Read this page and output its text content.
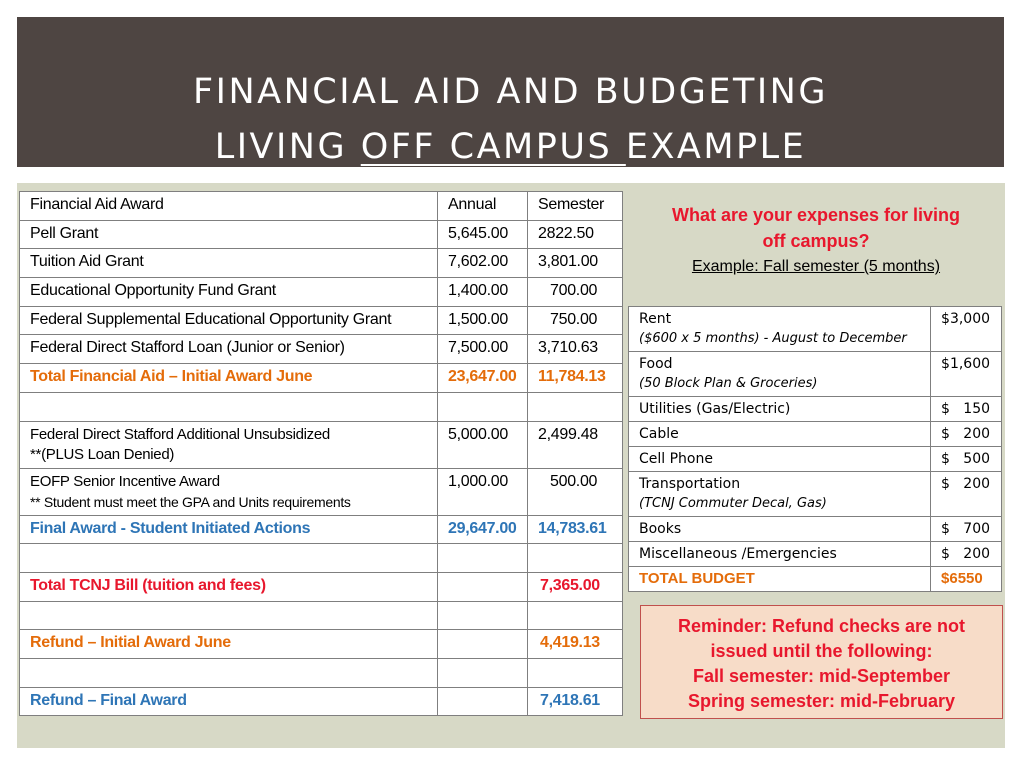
FINANCIAL AID AND BUDGETING
LIVING OFF CAMPUS EXAMPLE
Financial Aid Award	Annual	Semester
Pell Grant	5,645.00	2822.50
Tuition Aid Grant	7,602.00	3,801.00
Educational Opportunity Fund Grant	1,400.00	700.00
Federal Supplemental Educational Opportunity Grant	1,500.00	750.00
Federal Direct Stafford Loan (Junior or Senior)	7,500.00	3,710.63
Total Financial Aid – Initial Award June	23,647.00	11,784.13

Federal Direct Stafford Additional Unsubsidized
**(PLUS Loan Denied)	5,000.00	2,499.48

EOFP Senior Incentive Award
** Student must meet the GPA and Units requirements	1,000.00	500.00
Final Award - Student Initiated Actions	29,647.00	14,783.61

Total TCNJ Bill (tuition and fees)		7,365.00

Refund – Initial Award June		4,419.13

Refund – Final Award		7,418.61
What are your expenses for living
off campus?
Example: Fall semester (5 months)
Rent
($600 x 5 months) - August to December	$3,000
Food
(50 Block Plan & Groceries)	$1,600
Utilities (Gas/Electric)	$   150
Cable	$   200
Cell Phone	$   500
Transportation
(TCNJ Commuter Decal, Gas)	$   200
Books	$   700
Miscellaneous /Emergencies	$   200
TOTAL BUDGET	$6550
Reminder: Refund checks are not
issued until the following:
Fall semester: mid-September
Spring semester: mid-February
